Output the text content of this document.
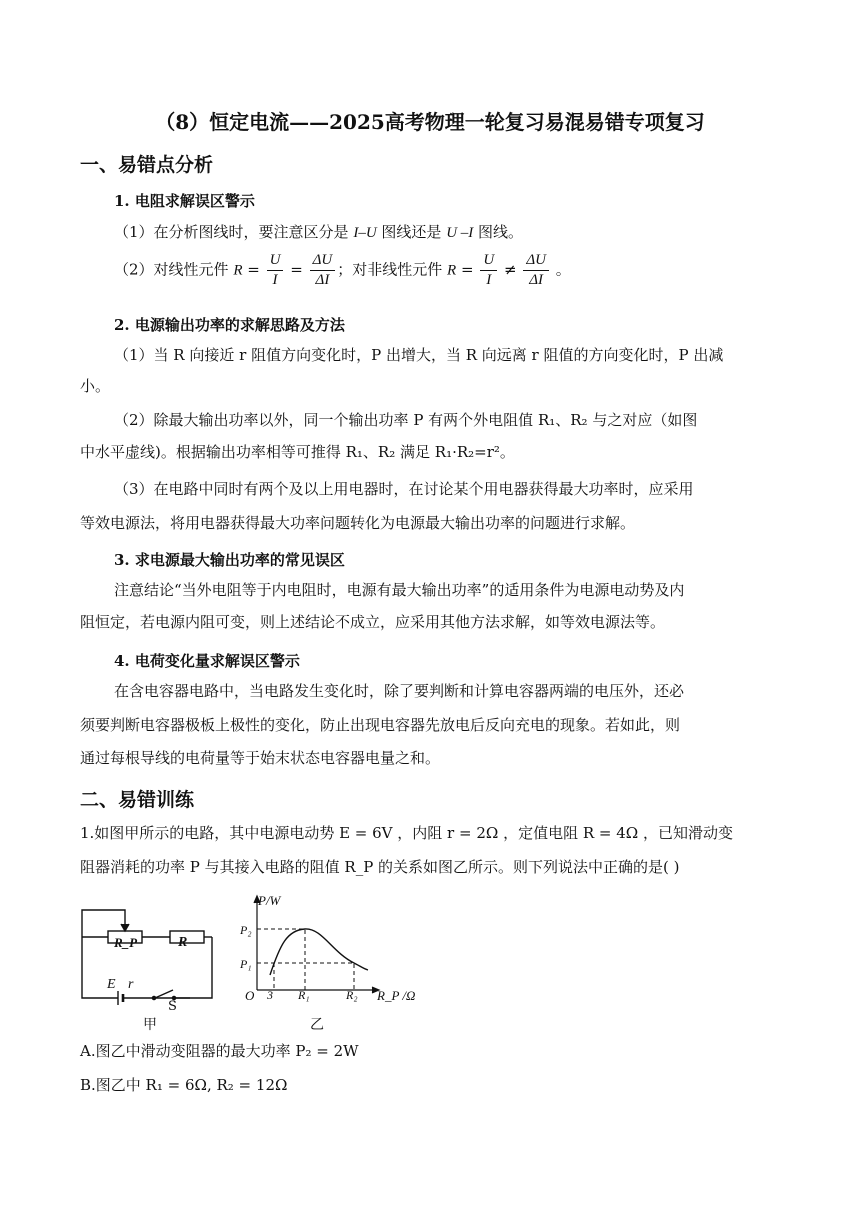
（8）恒定电流——2025高考物理一轮复习易混易错专项复习
一、易错点分析
1. 电阻求解误区警示
（1）在分析图线时，要注意区分是 I–U 图线还是 U –I 图线。
（2）对线性元件 $R = \frac{U}{I} = \frac{\Delta U}{\Delta I}$ ；对非线性元件 $R = \frac{U}{I} \ne \frac{\Delta U}{\Delta I}$ 。
2. 电源输出功率的求解思路及方法
（1）当 R 向接近 r 阻值方向变化时，P 出增大，当 R 向远离 r 阻值的方向变化时，P 出减
小。
（2）除最大输出功率以外，同一个输出功率 P 有两个外电阻值 R₁、R₂ 与之对应（如图
中水平虚线)。根据输出功率相等可推得 R₁、R₂ 满足 R₁·R₂=r²。
（3）在电路中同时有两个及以上用电器时，在讨论某个用电器获得最大功率时，应采用
等效电源法，将用电器获得最大功率问题转化为电源最大输出功率的问题进行求解。
3. 求电源最大输出功率的常见误区
注意结论“当外电阻等于内电阻时，电源有最大输出功率”的适用条件为电源电动势及内
阻恒定，若电源内阻可变，则上述结论不成立，应采用其他方法求解，如等效电源法等。
4. 电荷变化量求解误区警示
在含电容器电路中，当电路发生变化时，除了要判断和计算电容器两端的电压外，还必
须要判断电容器极板上极性的变化，防止出现电容器先放电后反向充电的现象。若如此，则
通过每根导线的电荷量等于始末状态电容器电量之和。
二、易错训练
1.如图甲所示的电路，其中电源电动势 E = 6V ，内阻 r = 2Ω ，定值电阻 R = 4Ω ，已知滑动变
阻器消耗的功率 P 与其接入电路的阻值 R_P 的关系如图乙所示。则下列说法中正确的是( )
R_P	R
E r
S
甲
P/W
R_P /Ω
O
P₂
P₁
3 R₁	R₂
乙
A.图乙中滑动变阻器的最大功率 P₂ = 2W
B.图乙中 R₁ = 6Ω, R₂ = 12Ω
